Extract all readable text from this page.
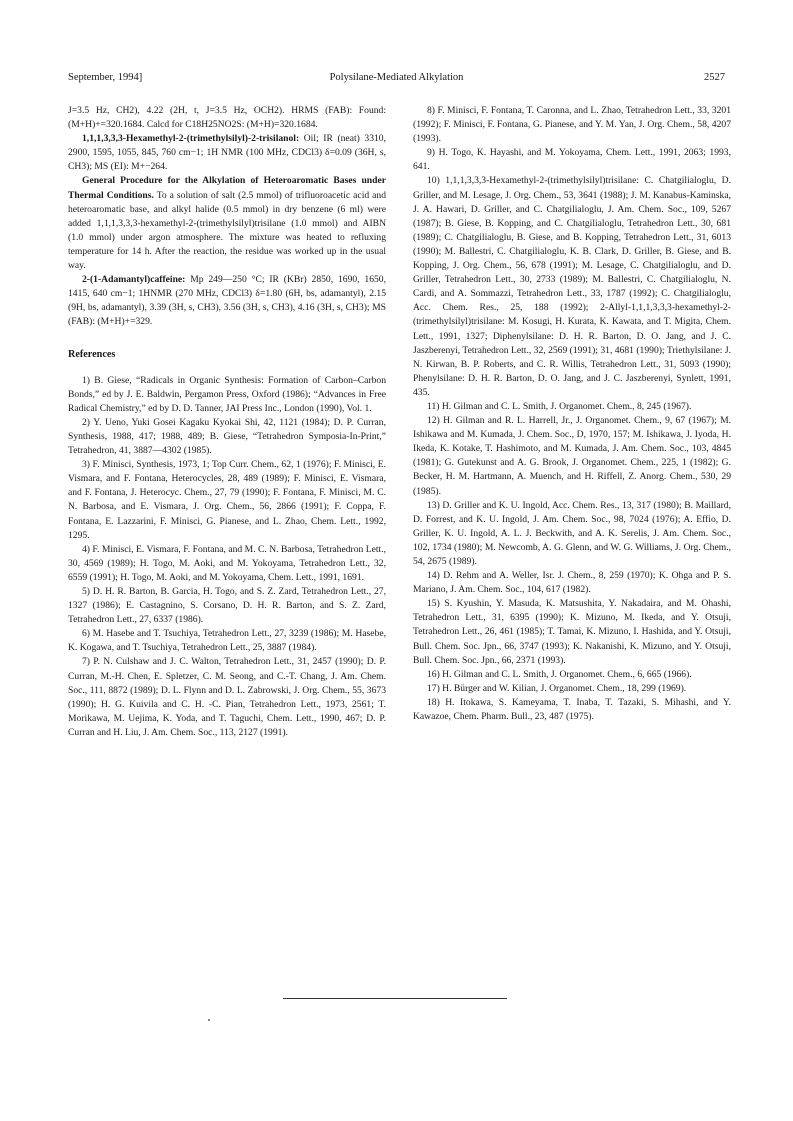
September, 1994]	Polysilane-Mediated Alkylation	2527

J=3.5 Hz, CH2), 4.22 (2H, t, J=3.5 Hz, OCH2). HRMS (FAB): Found: (M+H)+=320.1684. Calcd for C18H25NO2S: (M+H)=320.1684.

1,1,1,3,3,3-Hexamethyl-2-(trimethylsilyl)-2-trisilanol: Oil; IR (neat) 3310, 2900, 1595, 1055, 845, 760 cm−1; 1H NMR (100 MHz, CDCl3) δ=0.09 (36H, s, CH3); MS (EI): M+−264.

General Procedure for the Alkylation of Heteroaromatic Bases under Thermal Conditions. To a solution of salt (2.5 mmol) of trifluoroacetic acid and heteroaromatic base, and alkyl halide (0.5 mmol) in dry benzene (6 ml) were added 1,1,1,3,3,3-hexamethyl-2-(trimethylsilyl)trisilane (1.0 mmol) and AIBN (1.0 mmol) under argon atmosphere. The mixture was heated to refluxing temperature for 14 h. After the reaction, the residue was worked up in the usual way.

2-(1-Adamantyl)caffeine: Mp 249—250 °C; IR (KBr) 2850, 1690, 1650, 1415, 640 cm−1; 1HNMR (270 MHz, CDCl3) δ=1.80 (6H, bs, adamantyl), 2.15 (9H, bs, adamantyl), 3.39 (3H, s, CH3), 3.56 (3H, s, CH3), 4.16 (3H, s, CH3); MS (FAB): (M+H)+=329.

References

1) B. Giese, “Radicals in Organic Synthesis: Formation of Carbon–Carbon Bonds,” ed by J. E. Baldwin, Pergamon Press, Oxford (1986); “Advances in Free Radical Chemistry,” ed by D. D. Tanner, JAI Press Inc., London (1990), Vol. 1.

2) Y. Ueno, Yuki Gosei Kagaku Kyokai Shi, 42, 1121 (1984); D. P. Curran, Synthesis, 1988, 417; 1988, 489; B. Giese, “Tetrahedron Symposia-In-Print,” Tetrahedron, 41, 3887—4302 (1985).

3) F. Minisci, Synthesis, 1973, 1; Top Curr. Chem., 62, 1 (1976); F. Minisci, E. Vismara, and F. Fontana, Heterocycles, 28, 489 (1989); F. Minisci, E. Vismara, and F. Fontana, J. Heterocyc. Chem., 27, 79 (1990); F. Fontana, F. Minisci, M. C. N. Barbosa, and E. Vismara, J. Org. Chem., 56, 2866 (1991); F. Coppa, F. Fontana, E. Lazzarini, F. Minisci, G. Pianese, and L. Zhao, Chem. Lett., 1992, 1295.

4) F. Minisci, E. Vismara, F. Fontana, and M. C. N. Barbosa, Tetrahedron Lett., 30, 4569 (1989); H. Togo, M. Aoki, and M. Yokoyama, Tetrahedron Lett., 32, 6559 (1991); H. Togo, M. Aoki, and M. Yokoyama, Chem. Lett., 1991, 1691.

5) D. H. R. Barton, B. Garcia, H. Togo, and S. Z. Zard, Tetrahedron Lett., 27, 1327 (1986); E. Castagnino, S. Corsano, D. H. R. Barton, and S. Z. Zard, Tetrahedron Lett., 27, 6337 (1986).

6) M. Hasebe and T. Tsuchiya, Tetrahedron Lett., 27, 3239 (1986); M. Hasebe, K. Kogawa, and T. Tsuchiya, Tetrahedron Lett., 25, 3887 (1984).

7) P. N. Culshaw and J. C. Walton, Tetrahedron Lett., 31, 2457 (1990); D. P. Curran, M.-H. Chen, E. Spletzer, C. M. Seong, and C.-T. Chang, J. Am. Chem. Soc., 111, 8872 (1989); D. L. Flynn and D. L. Zabrowski, J. Org. Chem., 55, 3673 (1990); H. G. Kuivila and C. H. -C. Pian, Tetrahedron Lett., 1973, 2561; T. Morikawa, M. Uejima, K. Yoda, and T. Taguchi, Chem. Lett., 1990, 467; D. P. Curran and H. Liu, J. Am. Chem. Soc., 113, 2127 (1991).

8) F. Minisci, F. Fontana, T. Caronna, and L. Zhao, Tetrahedron Lett., 33, 3201 (1992); F. Minisci, F. Fontana, G. Pianese, and Y. M. Yan, J. Org. Chem., 58, 4207 (1993).

9) H. Togo, K. Hayashi, and M. Yokoyama, Chem. Lett., 1991, 2063; 1993, 641.

10) 1,1,1,3,3,3-Hexamethyl-2-(trimethylsilyl)trisilane: C. Chatgilialoglu, D. Griller, and M. Lesage, J. Org. Chem., 53, 3641 (1988); J. M. Kanabus-Kaminska, J. A. Hawari, D. Griller, and C. Chatgilialoglu, J. Am. Chem. Soc., 109, 5267 (1987); B. Giese, B. Kopping, and C. Chatgilialoglu, Tetrahedron Lett., 30, 681 (1989); C. Chatgilialoglu, B. Giese, and B. Kopping, Tetrahedron Lett., 31, 6013 (1990); M. Ballestri, C. Chatgilialoglu, K. B. Clark, D. Griller, B. Giese, and B. Kopping, J. Org. Chem., 56, 678 (1991); M. Lesage, C. Chatgilialoglu, and D. Griller, Tetrahedron Lett., 30, 2733 (1989); M. Ballestri, C. Chatgilialoglu, N. Cardi, and A. Sommazzi, Tetrahedron Lett., 33, 1787 (1992); C. Chatgilialoglu, Acc. Chem. Res., 25, 188 (1992); 2-Allyl-1,1,1,3,3,3-hexamethyl-2-(trimethylsilyl)trisilane: M. Kosugi, H. Kurata, K. Kawata, and T. Migita, Chem. Lett., 1991, 1327; Diphenylsilane: D. H. R. Barton, D. O. Jang, and J. C. Jaszberenyi, Tetrahedron Lett., 32, 2569 (1991); 31, 4681 (1990); Triethylsilane: J. N. Kirwan, B. P. Roberts, and C. R. Willis, Tetrahedron Lett., 31, 5093 (1990); Phenylsilane: D. H. R. Barton, D. O. Jang, and J. C. Jaszberenyi, Synlett, 1991, 435.

11) H. Gilman and C. L. Smith, J. Organomet. Chem., 8, 245 (1967).

12) H. Gilman and R. L. Harrell, Jr., J. Organomet. Chem., 9, 67 (1967); M. Ishikawa and M. Kumada, J. Chem. Soc., D, 1970, 157; M. Ishikawa, J. Iyoda, H. Ikeda, K. Kotake, T. Hashimoto, and M. Kumada, J. Am. Chem. Soc., 103, 4845 (1981); G. Gutekunst and A. G. Brook, J. Organomet. Chem., 225, 1 (1982); G. Becker, H. M. Hartmann, A. Muench, and H. Riffell, Z. Anorg. Chem., 530, 29 (1985).

13) D. Griller and K. U. Ingold, Acc. Chem. Res., 13, 317 (1980); B. Maillard, D. Forrest, and K. U. Ingold, J. Am. Chem. Soc., 98, 7024 (1976); A. Effio, D. Griller, K. U. Ingold, A. L. J. Beckwith, and A. K. Serelis, J. Am. Chem. Soc., 102, 1734 (1980); M. Newcomb, A. G. Glenn, and W. G. Williams, J. Org. Chem., 54, 2675 (1989).

14) D. Rehm and A. Weller, Isr. J. Chem., 8, 259 (1970); K. Ohga and P. S. Mariano, J. Am. Chem. Soc., 104, 617 (1982).

15) S. Kyushin, Y. Masuda, K. Matsushita, Y. Nakadaira, and M. Ohashi, Tetrahedron Lett., 31, 6395 (1990); K. Mizuno, M. Ikeda, and Y. Otsuji, Tetrahedron Lett., 26, 461 (1985); T. Tamai, K. Mizuno, I. Hashida, and Y. Otsuji, Bull. Chem. Soc. Jpn., 66, 3747 (1993); K. Nakanishi, K. Mizuno, and Y. Otsuji, Bull. Chem. Soc. Jpn., 66, 2371 (1993).

16) H. Gilman and C. L. Smith, J. Organomet. Chem., 6, 665 (1966).

17) H. Bürger and W. Kilian, J. Organomet. Chem., 18, 299 (1969).

18) H. Itokawa, S. Kameyama, T. Inaba, T. Tazaki, S. Mihashi, and Y. Kawazoe, Chem. Pharm. Bull., 23, 487 (1975).
